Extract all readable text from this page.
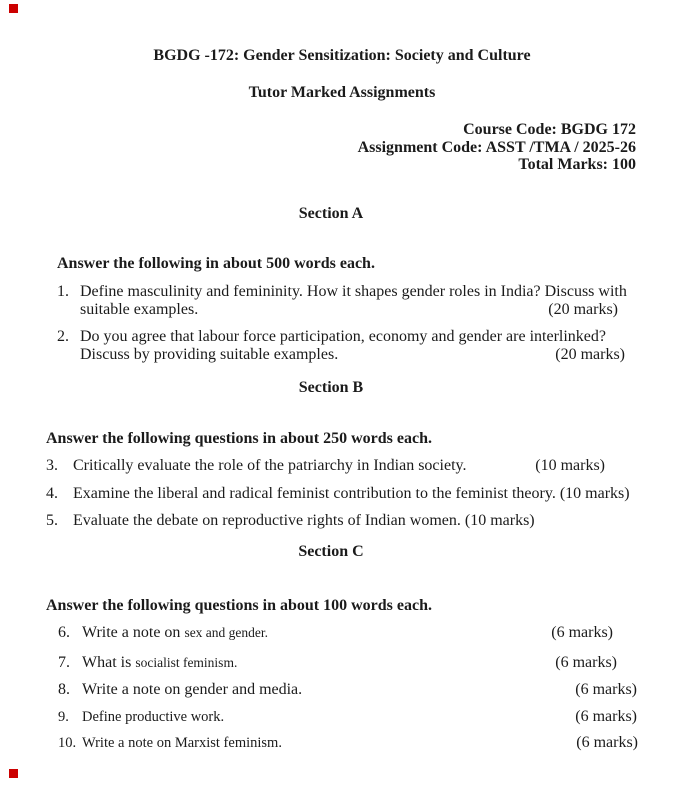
BGDG -172: Gender Sensitization: Society and Culture
Tutor Marked Assignments
Course Code: BGDG 172
Assignment Code: ASST /TMA / 2025-26
Total Marks: 100
Section A
Answer the following in about 500 words each.
1. Define masculinity and femininity. How it shapes gender roles in India? Discuss with
suitable examples.	(20 marks)
2. Do you agree that labour force participation, economy and gender are interlinked?
Discuss by providing suitable examples.	(20 marks)
Section B
Answer the following questions in about 250 words each.
3. Critically evaluate the role of the patriarchy in Indian society.	(10 marks)
4. Examine the liberal and radical feminist contribution to the feminist theory. (10 marks)
5. Evaluate the debate on reproductive rights of Indian women. (10 marks)
Section C
Answer the following questions in about 100 words each.
6. Write a note on sex and gender.	(6 marks)
7. What is socialist feminism.	(6 marks)
8. Write a note on gender and media.	(6 marks)
9. Define productive work.	(6 marks)
10. Write a note on Marxist feminism.	(6 marks)
